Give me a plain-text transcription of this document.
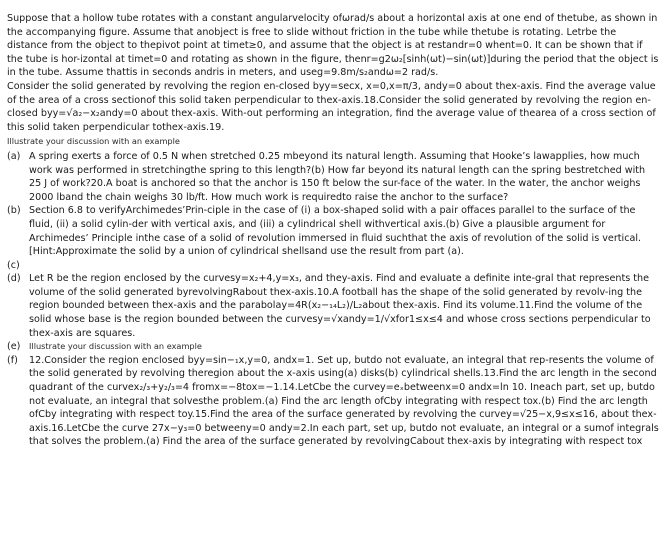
Suppose that a hollow tube rotates with a constant angularvelocity ofωrad/s about a horizontal axis at one end of thetube, as shown in the accompanying figure. Assume that anobject is free to slide without friction in the tube while thetube is rotating. Letrbe the distance from the object to thepivot point at timet≥0, and assume that the object is at restandr=0 whent=0. It can be shown that if the tube is hor-izontal at timet=0 and rotating as shown in the figure, thenr=g2ω₂[sinh(ωt)−sin(ωt)]during the period that the object is in the tube. Assume thattis in seconds andris in meters, and useg=9.8m/s₂andω=2 rad/s.

Consider the solid generated by revolving the region en-closed byy=secx, x=0,x=π/3, andy=0 about thex-axis. Find the average value of the area of a cross sectionof this solid taken perpendicular to thex-axis.18.Consider the solid generated by revolving the region en-closed byy=√a₂−x₂andy=0 about thex-axis. With-out performing an integration, find the average value of thearea of a cross section of this solid taken perpendicular tothex-axis.19.

Illustrate your discussion with an example

(a) A spring exerts a force of 0.5 N when stretched 0.25 mbeyond its natural length. Assuming that Hooke’s lawapplies, how much work was performed in stretchingthe spring to this length?(b) How far beyond its natural length can the spring bestretched with 25 J of work?20.A boat is anchored so that the anchor is 150 ft below the sur-face of the water. In the water, the anchor weighs 2000 lband the chain weighs 30 lb/ft. How much work is requiredto raise the anchor to the surface?
(b) Section 6.8 to verifyArchimedes’Prin-ciple in the case of (i) a box-shaped solid with a pair offaces parallel to the surface of the fluid, (ii) a solid cylin-der with vertical axis, and (iii) a cylindrical shell withvertical axis.(b) Give a plausible argument for Archimedes’ Principle inthe case of a solid of revolution immersed in fluid suchthat the axis of revolution of the solid is vertical. [Hint:Approximate the solid by a union of cylindrical shellsand use the result from part (a).
(c)
(d) Let R be the region enclosed by the curvesy=x₂+4,y=x₃, and they-axis. Find and evaluate a definite inte-gral that represents the volume of the solid generated byrevolvingRabout thex-axis.10.A football has the shape of the solid generated by revolv-ing the region bounded between thex-axis and the parabolay=4R(x₂−₁₄L₂)/L₂about thex-axis. Find its volume.11.Find the volume of the solid whose base is the region bounded between the curvesy=√xandy=1/√xfor1≤x≤4 and whose cross sections perpendicular to thex-axis are squares.
(e)	Illustrate your discussion with an example
(f)	12.Consider the region enclosed byy=sin−₁x,y=0, andx=1. Set up, butdo not evaluate, an integral that rep-resents the volume of the solid generated by revolving theregion about the x-axis using(a) disks(b) cylindrical shells.13.Find the arc length in the second quadrant of the curvex₂/₃+y₂/₃=4 fromx=−8tox=−1.14.LetCbe the curvey=eₓbetweenx=0 andx=ln 10. Ineach part, set up, butdo not evaluate, an integral that solvesthe problem.(a) Find the arc length ofCby integrating with respect tox.(b) Find the arc length ofCby integrating with respect toy.15.Find the area of the surface generated by revolving the curvey=√25−x,9≤x≤16, about thex-axis.16.LetCbe the curve 27x−y₃=0 betweeny=0 andy=2.In each part, set up, butdo not evaluate, an integral or a sumof integrals that solves the problem.(a) Find the area of the surface generated by revolvingCabout thex-axis by integrating with respect tox
